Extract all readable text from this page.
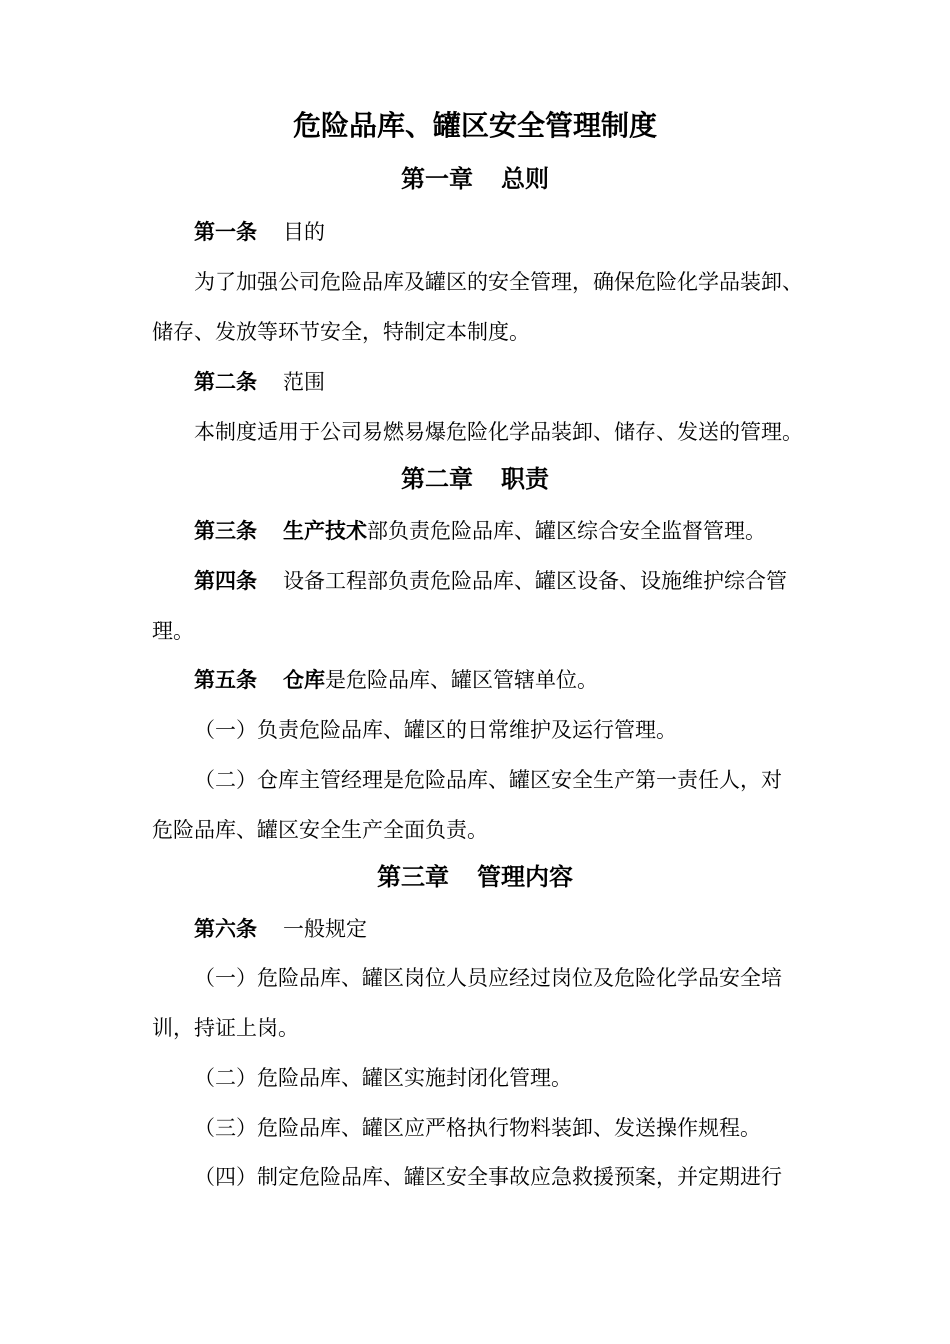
危险品库、罐区安全管理制度
第一章 总则
第一条 目的
为了加强公司危险品库及罐区的安全管理，确保危险化学品装卸、
储存、发放等环节安全，特制定本制度。
第二条 范围
本制度适用于公司易燃易爆危险化学品装卸、储存、发送的管理。
第二章 职责
第三条 生产技术部负责危险品库、罐区综合安全监督管理。
第四条 设备工程部负责危险品库、罐区设备、设施维护综合管
理。
第五条 仓库是危险品库、罐区管辖单位。
（一）负责危险品库、罐区的日常维护及运行管理。
（二）仓库主管经理是危险品库、罐区安全生产第一责任人，对
危险品库、罐区安全生产全面负责。
第三章 管理内容
第六条 一般规定
（一）危险品库、罐区岗位人员应经过岗位及危险化学品安全培
训，持证上岗。
（二）危险品库、罐区实施封闭化管理。
（三）危险品库、罐区应严格执行物料装卸、发送操作规程。
（四）制定危险品库、罐区安全事故应急救援预案，并定期进行
